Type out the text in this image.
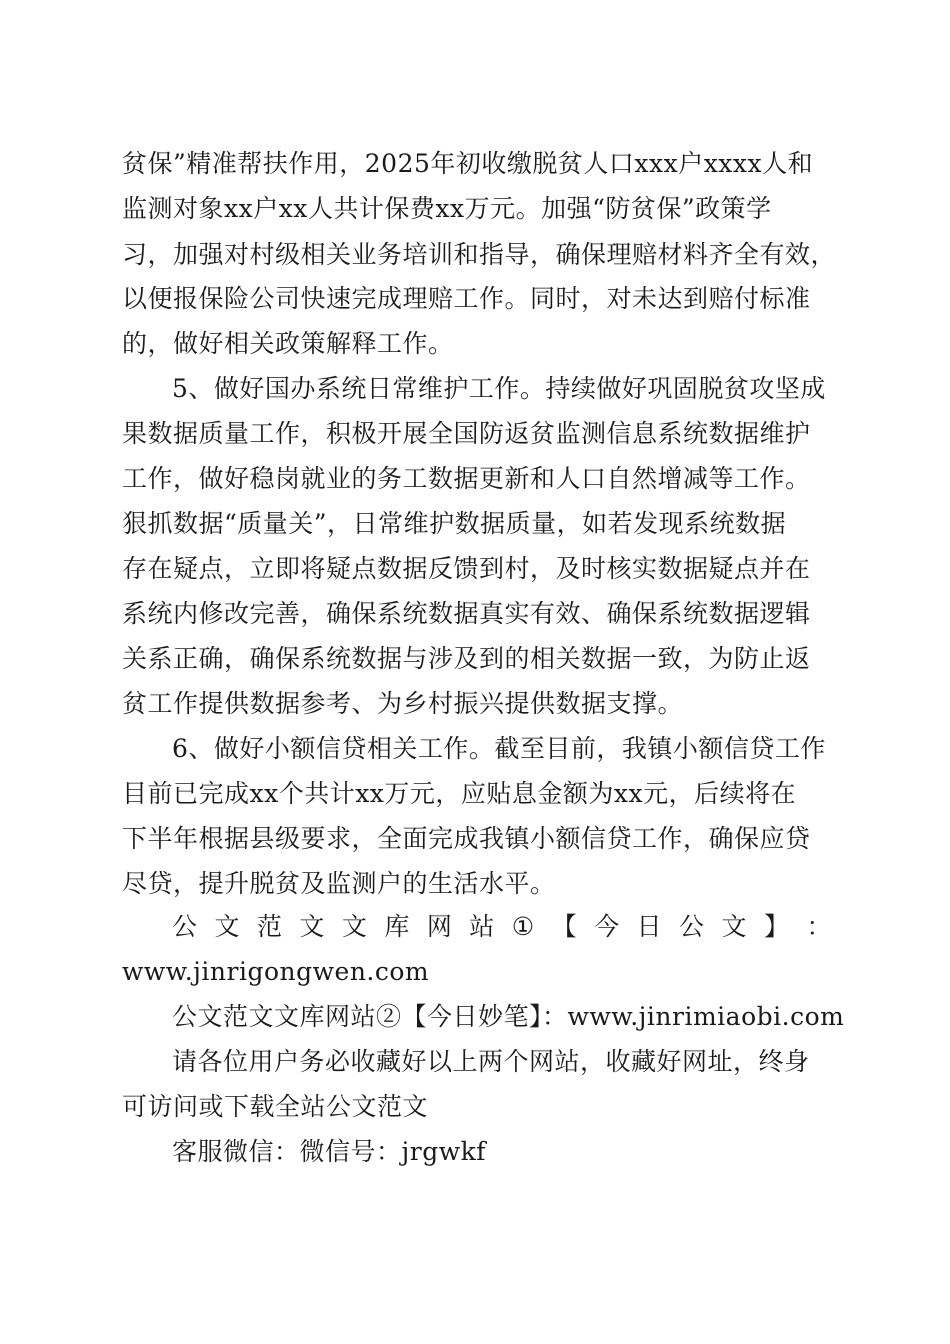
贫保”精准帮扶作用，2025年初收缴脱贫人口xxx户xxxx人和
监测对象xx户xx人共计保费xx万元。加强“防贫保”政策学
习，加强对村级相关业务培训和指导，确保理赔材料齐全有效，
以便报保险公司快速完成理赔工作。同时，对未达到赔付标准
的，做好相关政策解释工作。
5、做好国办系统日常维护工作。持续做好巩固脱贫攻坚成
果数据质量工作，积极开展全国防返贫监测信息系统数据维护
工作，做好稳岗就业的务工数据更新和人口自然增减等工作。
狠抓数据“质量关”，日常维护数据质量，如若发现系统数据
存在疑点，立即将疑点数据反馈到村，及时核实数据疑点并在
系统内修改完善，确保系统数据真实有效、确保系统数据逻辑
关系正确，确保系统数据与涉及到的相关数据一致，为防止返
贫工作提供数据参考、为乡村振兴提供数据支撑。
6、做好小额信贷相关工作。截至目前，我镇小额信贷工作
目前已完成xx个共计xx万元，应贴息金额为xx元，后续将在
下半年根据县级要求，全面完成我镇小额信贷工作，确保应贷
尽贷，提升脱贫及监测户的生活水平。
公 文 范 文 文 库 网 站 ① 【 今 日 公 文 】 ：
www.jinrigongwen.com
公文范文文库网站②【今日妙笔】：www.jinrimiaobi.com
请各位用户务必收藏好以上两个网站，收藏好网址，终身
可访问或下载全站公文范文
客服微信：微信号：jrgwkf
